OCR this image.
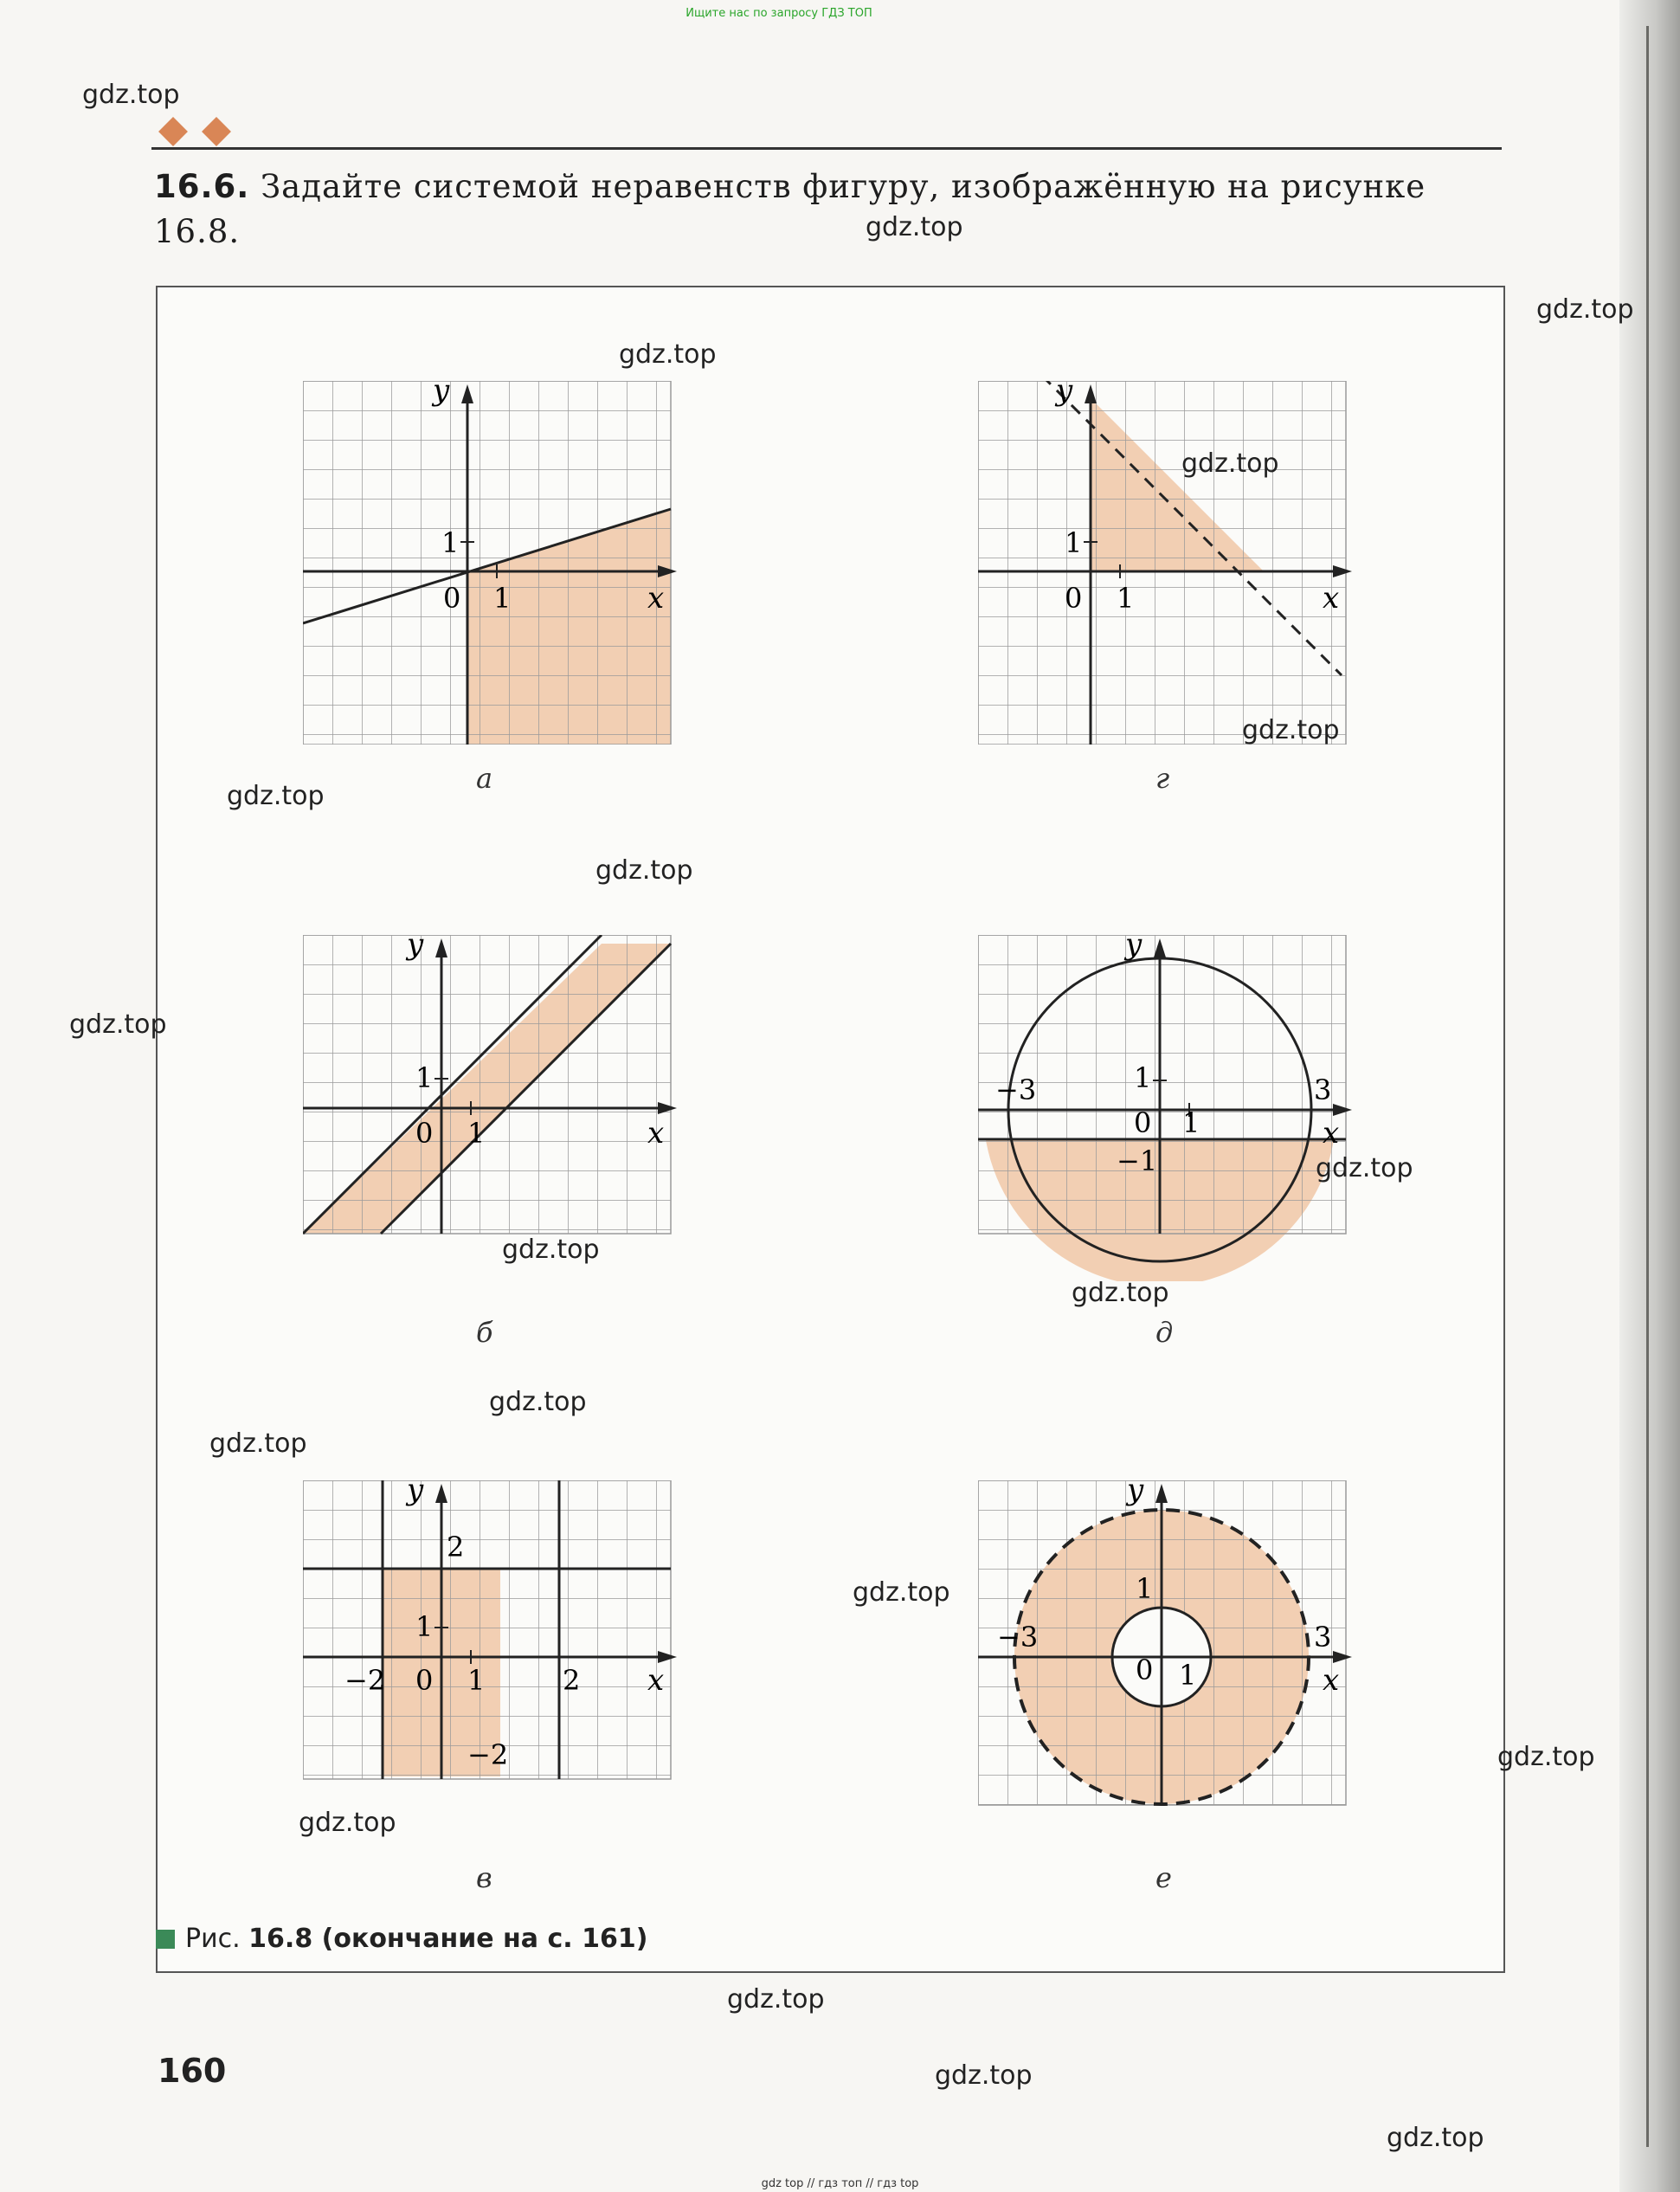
Ищите нас по запросу ГДЗ ТОП
16.6. Задайте системой неравенств фигуру, изображённую на рисунке 16.8.
y
x
0 1
1
а
y
x
0 1
1
г
y
x
0 1
1
б
y
x
0 1
1
−3	3
−1
д
y
x
0 1
1
2
−2	2
−2
в
y
x
0 1
1
−3	3
е
Рис. 16.8 (окончание на с. 161)
160
gdz.top
gdz.top
gdz.top
gdz.top
gdz.top
gdz.top
gdz.top
gdz.top
gdz.top
gdz.top
gdz.top
gdz.top
gdz.top
gdz.top
gdz.top
gdz.top
gdz.top
gdz.top
gdz.top
gdz.top
gdz top // гдз топ // гдз top
